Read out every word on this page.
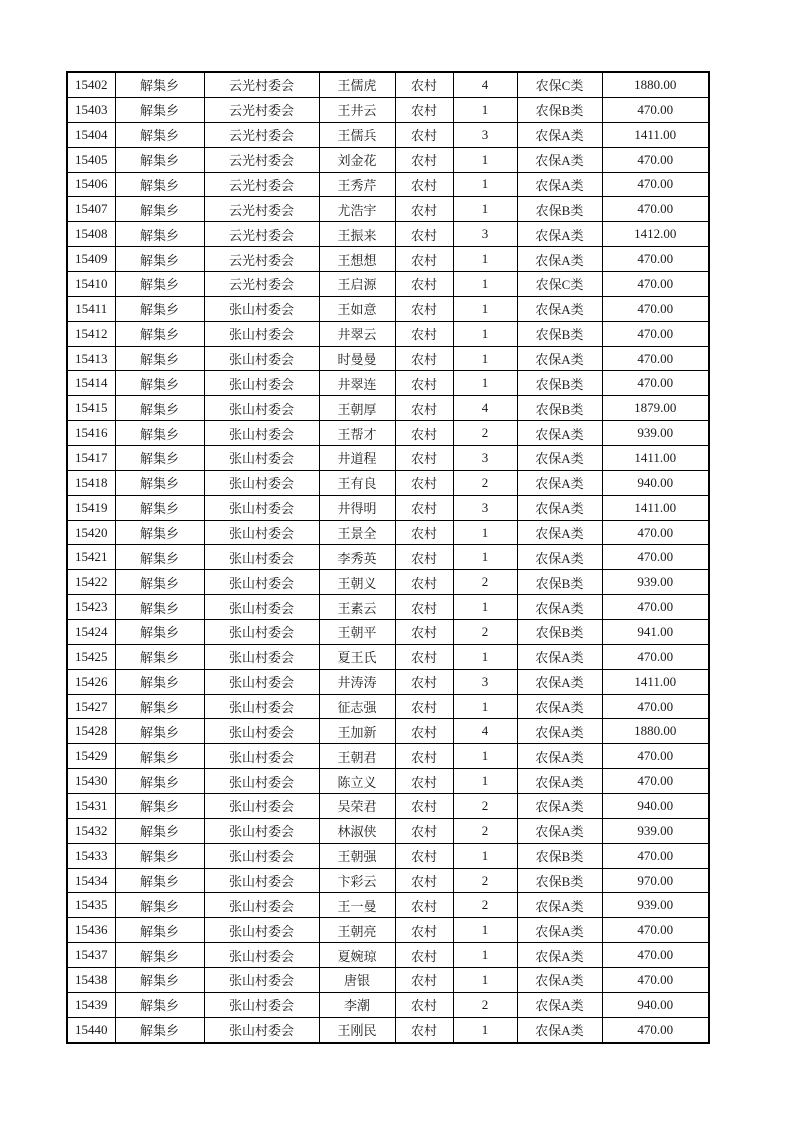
15402	解集乡	云光村委会	王儒虎	农村	4	农保C类	1880.00
15403	解集乡	云光村委会	王井云	农村	1	农保B类	470.00
15404	解集乡	云光村委会	王儒兵	农村	3	农保A类	1411.00
15405	解集乡	云光村委会	刘金花	农村	1	农保A类	470.00
15406	解集乡	云光村委会	王秀芹	农村	1	农保A类	470.00
15407	解集乡	云光村委会	尤浩宇	农村	1	农保B类	470.00
15408	解集乡	云光村委会	王振来	农村	3	农保A类	1412.00
15409	解集乡	云光村委会	王想想	农村	1	农保A类	470.00
15410	解集乡	云光村委会	王启源	农村	1	农保C类	470.00
15411	解集乡	张山村委会	王如意	农村	1	农保A类	470.00
15412	解集乡	张山村委会	井翠云	农村	1	农保B类	470.00
15413	解集乡	张山村委会	时曼曼	农村	1	农保A类	470.00
15414	解集乡	张山村委会	井翠连	农村	1	农保B类	470.00
15415	解集乡	张山村委会	王朝厚	农村	4	农保B类	1879.00
15416	解集乡	张山村委会	王帮才	农村	2	农保A类	939.00
15417	解集乡	张山村委会	井道程	农村	3	农保A类	1411.00
15418	解集乡	张山村委会	王有良	农村	2	农保A类	940.00
15419	解集乡	张山村委会	井得明	农村	3	农保A类	1411.00
15420	解集乡	张山村委会	王景全	农村	1	农保A类	470.00
15421	解集乡	张山村委会	李秀英	农村	1	农保A类	470.00
15422	解集乡	张山村委会	王朝义	农村	2	农保B类	939.00
15423	解集乡	张山村委会	王素云	农村	1	农保A类	470.00
15424	解集乡	张山村委会	王朝平	农村	2	农保B类	941.00
15425	解集乡	张山村委会	夏王氏	农村	1	农保A类	470.00
15426	解集乡	张山村委会	井涛涛	农村	3	农保A类	1411.00
15427	解集乡	张山村委会	征志强	农村	1	农保A类	470.00
15428	解集乡	张山村委会	王加新	农村	4	农保A类	1880.00
15429	解集乡	张山村委会	王朝君	农村	1	农保A类	470.00
15430	解集乡	张山村委会	陈立义	农村	1	农保A类	470.00
15431	解集乡	张山村委会	吴荣君	农村	2	农保A类	940.00
15432	解集乡	张山村委会	林淑侠	农村	2	农保A类	939.00
15433	解集乡	张山村委会	王朝强	农村	1	农保B类	470.00
15434	解集乡	张山村委会	卞彩云	农村	2	农保B类	970.00
15435	解集乡	张山村委会	王一曼	农村	2	农保A类	939.00
15436	解集乡	张山村委会	王朝亮	农村	1	农保A类	470.00
15437	解集乡	张山村委会	夏婉琼	农村	1	农保A类	470.00
15438	解集乡	张山村委会	唐银	农村	1	农保A类	470.00
15439	解集乡	张山村委会	李潮	农村	2	农保A类	940.00
15440	解集乡	张山村委会	王刚民	农村	1	农保A类	470.00
